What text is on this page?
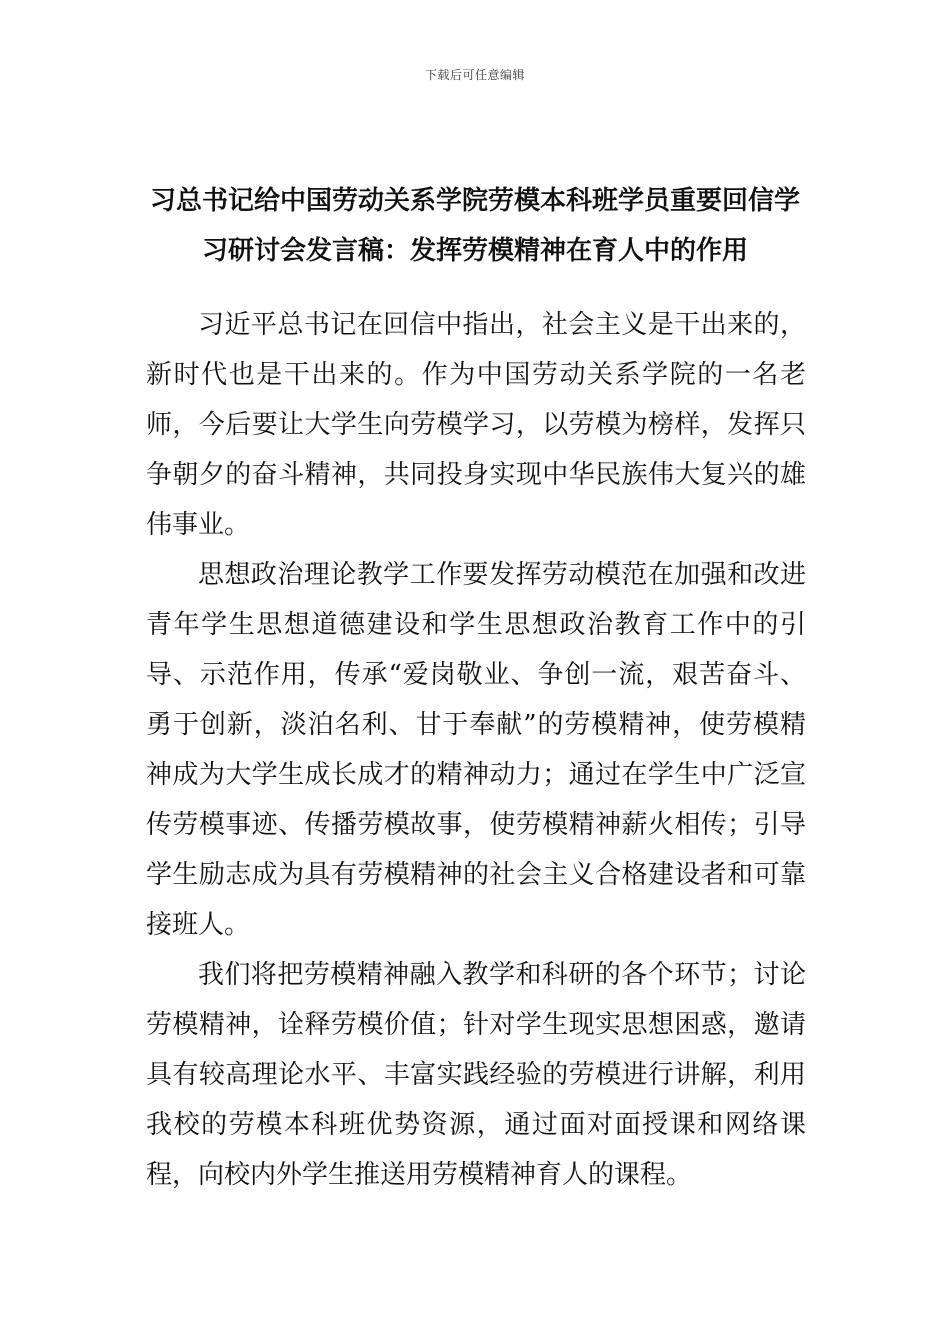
下载后可任意编辑
习总书记给中国劳动关系学院劳模本科班学员重要回信学
习研讨会发言稿：发挥劳模精神在育人中的作用

习近平总书记在回信中指出，社会主义是干出来的，新时代也是干出来的。作为中国劳动关系学院的一名老师，今后要让大学生向劳模学习，以劳模为榜样，发挥只争朝夕的奋斗精神，共同投身实现中华民族伟大复兴的雄伟事业。

思想政治理论教学工作要发挥劳动模范在加强和改进青年学生思想道德建设和学生思想政治教育工作中的引导、示范作用，传承“爱岗敬业、争创一流，艰苦奋斗、勇于创新，淡泊名利、甘于奉献”的劳模精神，使劳模精神成为大学生成长成才的精神动力；通过在学生中广泛宣传劳模事迹、传播劳模故事，使劳模精神薪火相传；引导学生励志成为具有劳模精神的社会主义合格建设者和可靠接班人。

我们将把劳模精神融入教学和科研的各个环节；讨论劳模精神，诠释劳模价值；针对学生现实思想困惑，邀请具有较高理论水平、丰富实践经验的劳模进行讲解，利用我校的劳模本科班优势资源，通过面对面授课和网络课程，向校内外学生推送用劳模精神育人的课程。
